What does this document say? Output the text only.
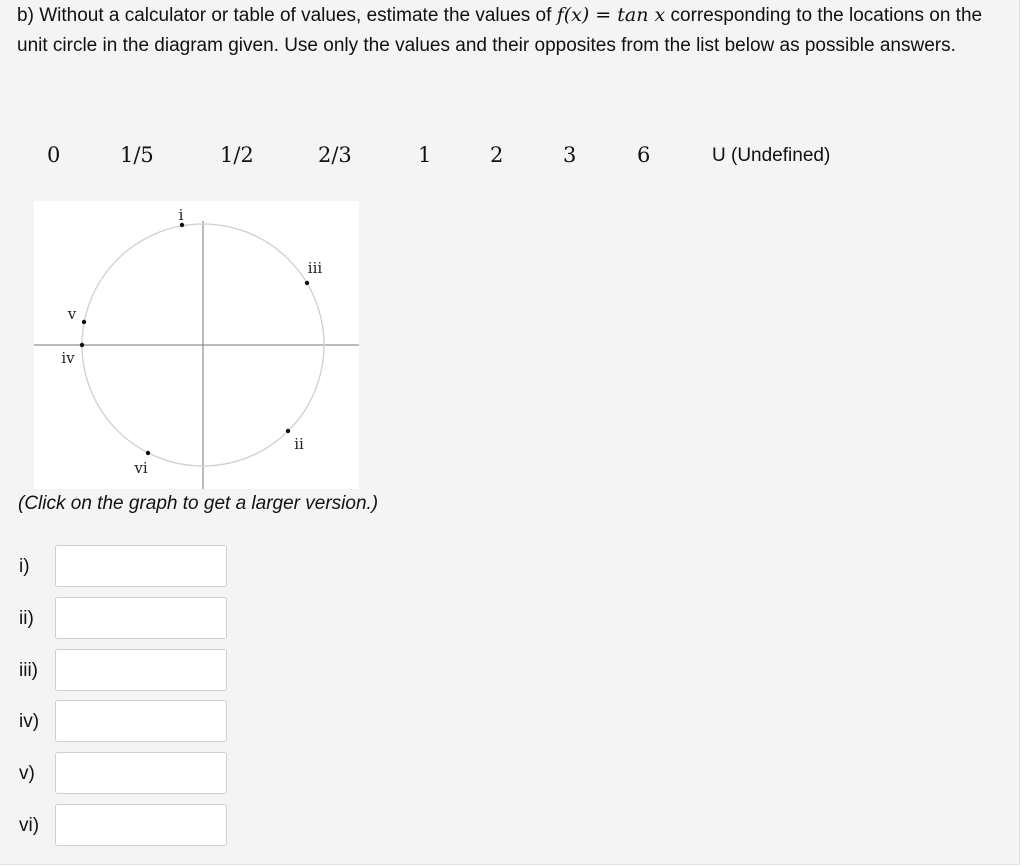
b) Without a calculator or table of values, estimate the values of f(x) = tan x corresponding to the locations on the unit circle in the diagram given. Use only the values and their opposites from the list below as possible answers.
0	1/5	1/2	2/3	1	2	3	6	U (Undefined)
i
ii
iii
iv
v
vi
(Click on the graph to get a larger version.)
i)
ii)
iii)
iv)
v)
vi)
